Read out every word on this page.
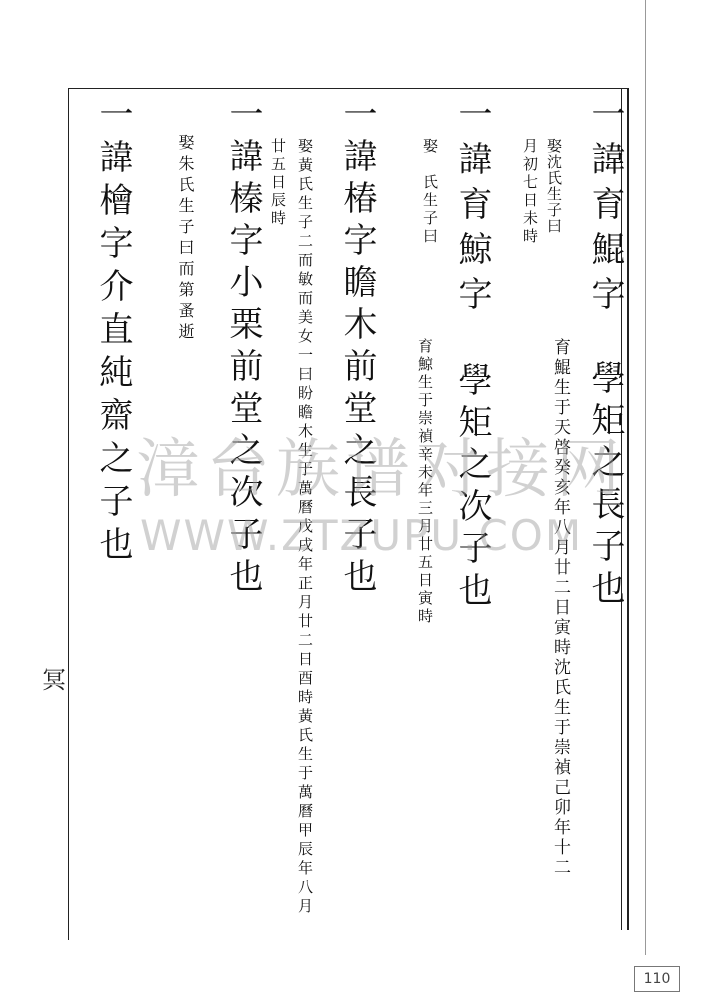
一諱育鯤字
學矩之長子也
娶沈氏生子曰
育鯤生于天啓癸亥年八月廿二日寅時沈氏生于崇禎己卯年十二
月初七日未時
一諱育鯨字
學矩之次子也
娶　氏生子曰
育鯨生于崇禎辛未年三月廿五日寅時
一諱椿字瞻木前堂之長子也
娶黃氏生子二而敏而美女一曰盼瞻木生于萬曆戊戌年正月廿二日酉時黃氏生于萬曆甲辰年八月
廿五日辰時
一諱榛字小栗前堂之次子也
娶朱氏生子曰而第蚤逝
一諱檜字介直純齋之子也
冥
110
漳台族谱对接网
WWW.ZTZUPU.COM
